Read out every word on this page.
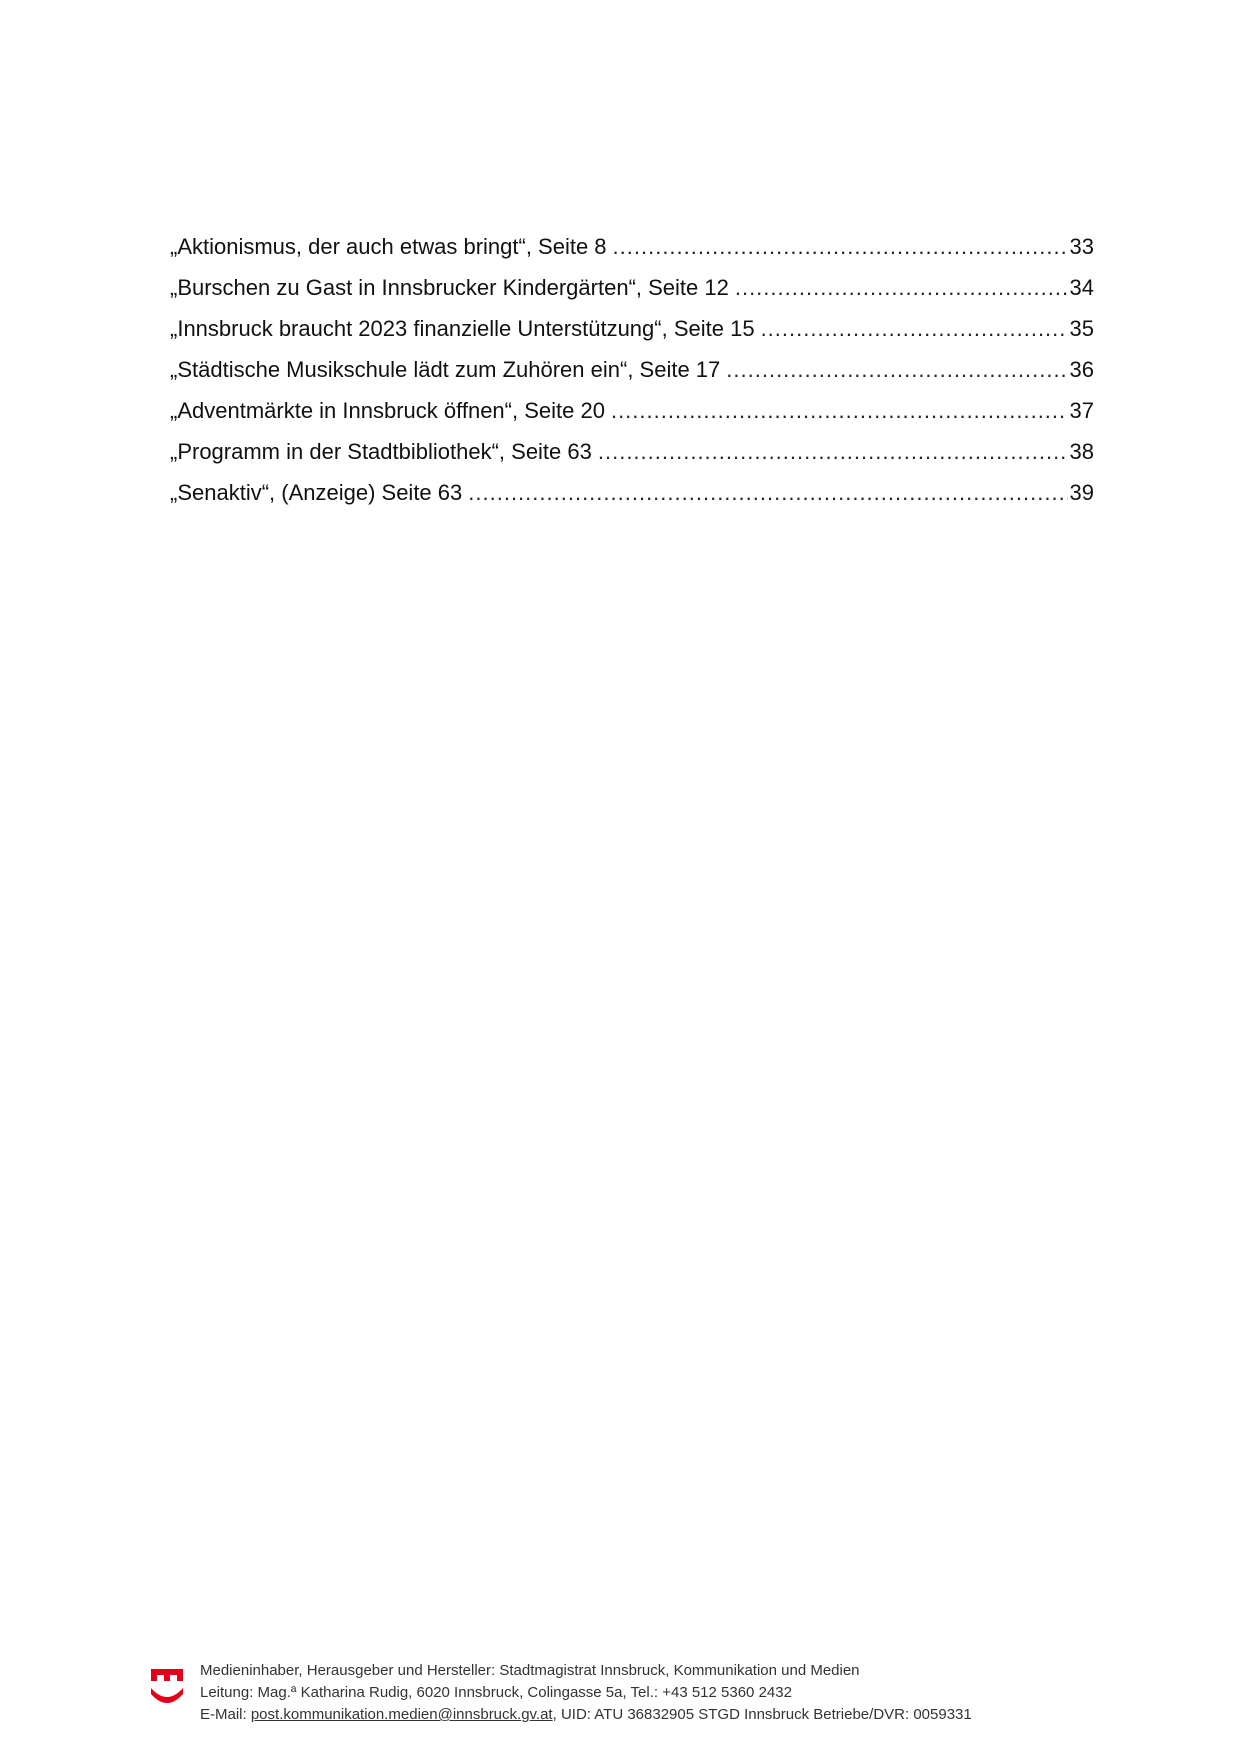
„Aktionismus, der auch etwas bringt“, Seite 8 .....	33
„Burschen zu Gast in Innsbrucker Kindergärten“, Seite 12 .....	34
„Innsbruck braucht 2023 finanzielle Unterstützung“, Seite 15 .....	35
„Städtische Musikschule lädt zum Zuhören ein“, Seite 17 .....	36
„Adventmärkte in Innsbruck öffnen“, Seite 20 .....	37
„Programm in der Stadtbibliothek“, Seite 63 .....	38
„Senaktiv“, (Anzeige) Seite 63 .....	39
Medieninhaber, Herausgeber und Hersteller: Stadtmagistrat Innsbruck, Kommunikation und Medien
Leitung: Mag.ª Katharina Rudig, 6020 Innsbruck, Colingasse 5a, Tel.: +43 512 5360 2432
E-Mail: post.kommunikation.medien@innsbruck.gv.at, UID: ATU 36832905 STGD Innsbruck Betriebe/DVR: 0059331
